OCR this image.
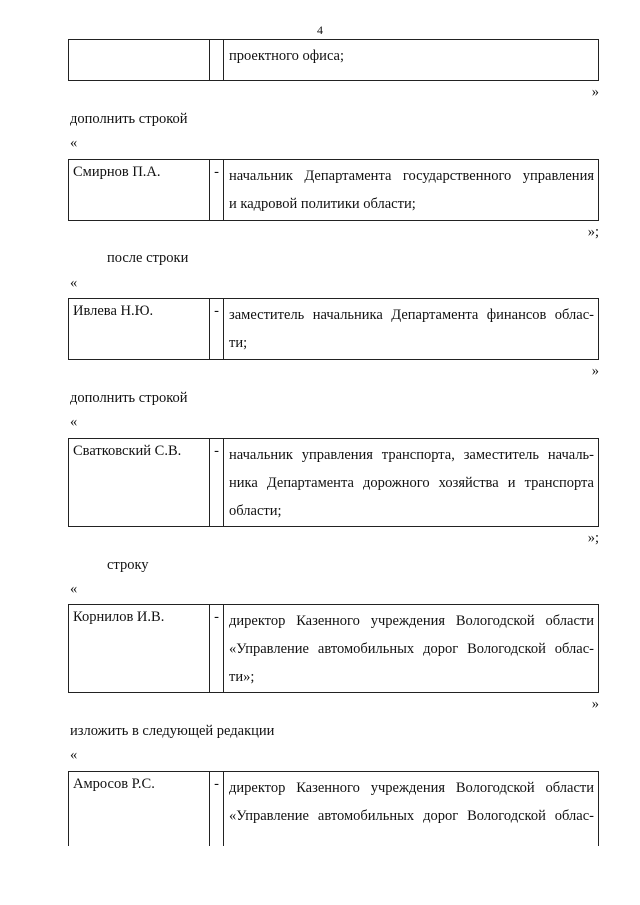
4
проектного офиса;
»
дополнить строкой
«
Смирнов П.А.	- начальник Департамента государственного управления
и кадровой политики области;
»;
после строки
«
Ивлева Н.Ю.	- заместитель начальника Департамента финансов облас-
ти;
»
дополнить строкой
«
Сватковский С.В.	- начальник управления транспорта, заместитель началь-
ника Департамента дорожного хозяйства и транспорта
области;
»;
строку
«
Корнилов И.В.	- директор Казенного учреждения Вологодской области
«Управление автомобильных дорог Вологодской облас-
ти»;
»
изложить в следующей редакции
«
Амросов Р.С.	- директор Казенного учреждения Вологодской области
«Управление автомобильных дорог Вологодской облас-
